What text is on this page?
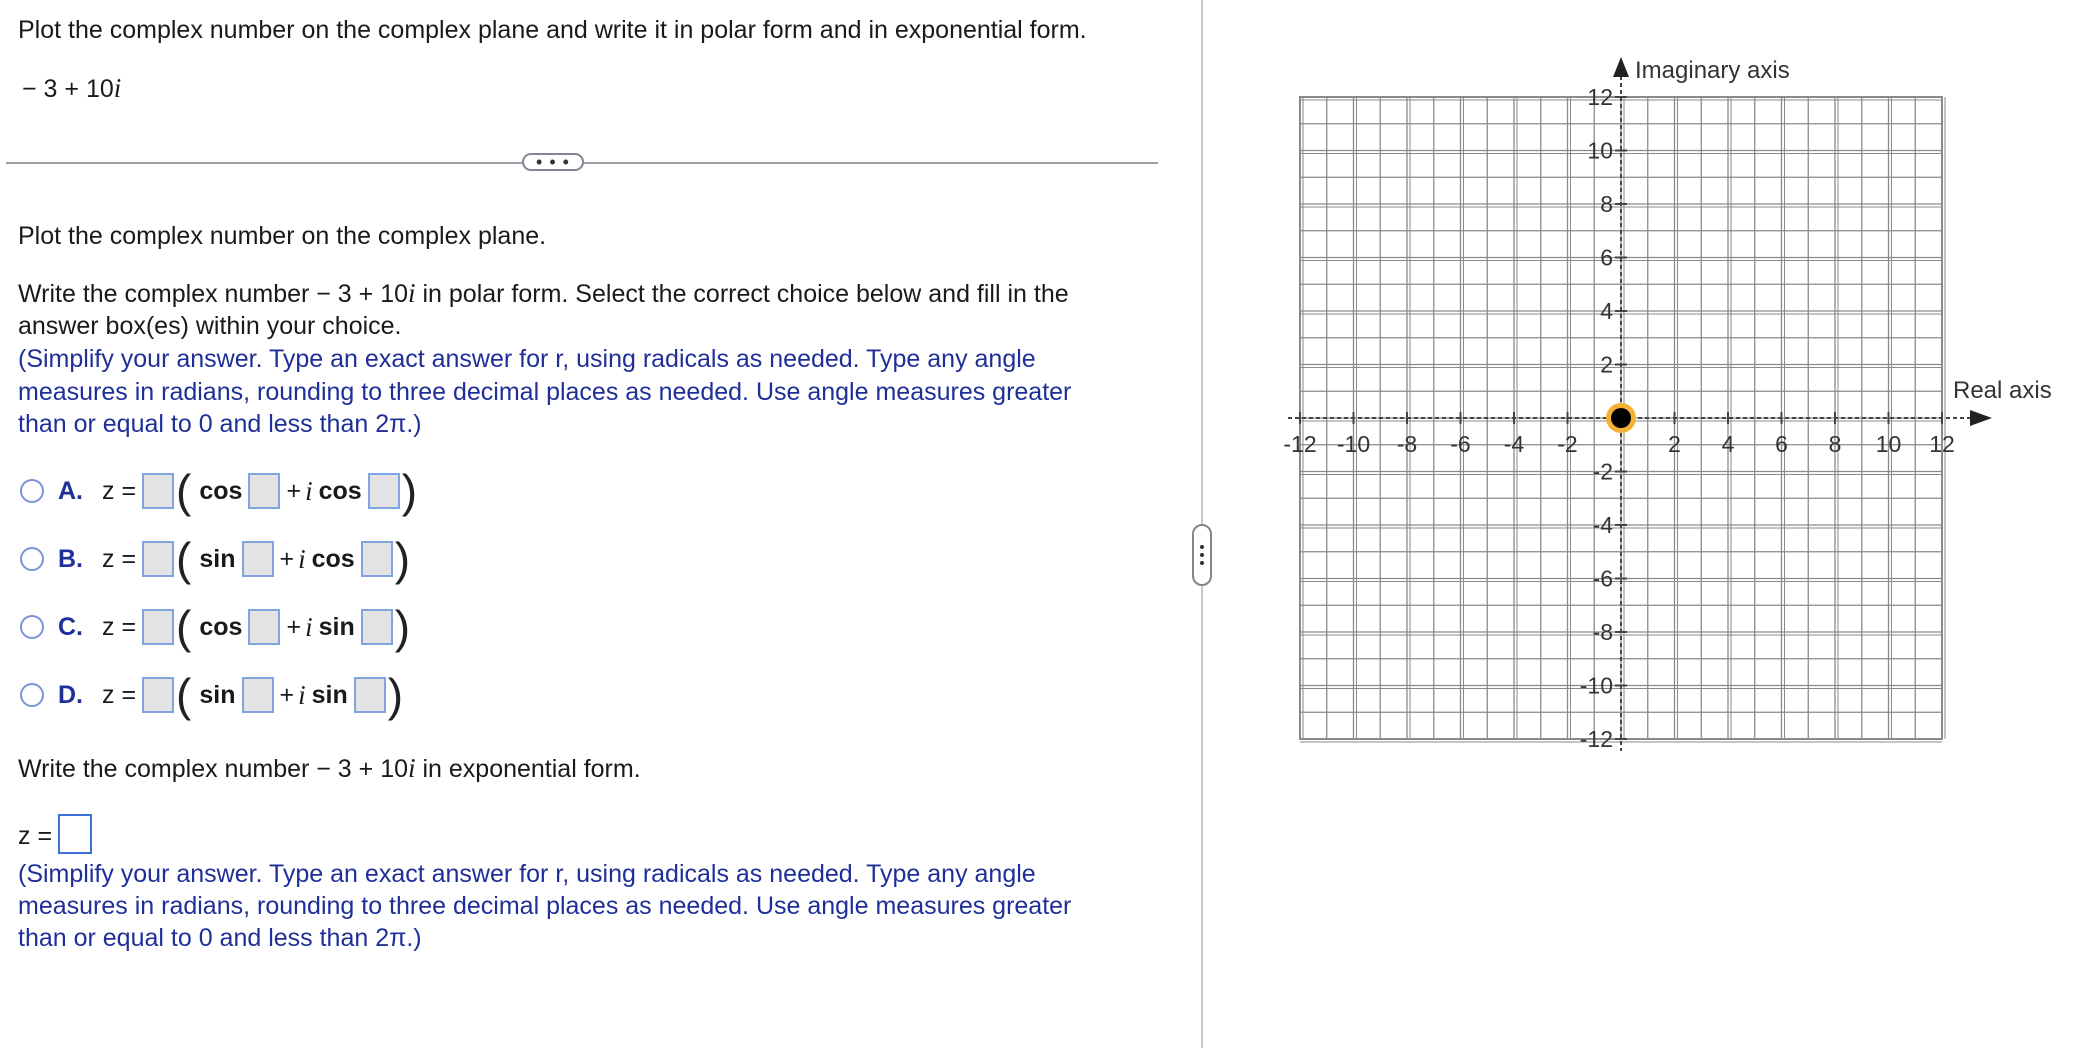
Plot the complex number on the complex plane and write it in polar form and in exponential form.
− 3 + 10i
• • •
Plot the complex number on the complex plane.
Write the complex number − 3 + 10i in polar form. Select the correct choice below and fill in the
answer box(es) within your choice.
(Simplify your answer. Type an exact answer for r, using radicals as needed. Type any angle
measures in radians, rounding to three decimal places as needed. Use angle measures greater
than or equal to 0 and less than 2π.)
A. z = ( cos + i cos )
B. z = ( sin + i cos )
C. z = ( cos + i sin )
D. z = ( sin + i sin )
Write the complex number − 3 + 10i in exponential form.
z =
(Simplify your answer. Type an exact answer for r, using radicals as needed. Type any angle
measures in radians, rounding to three decimal places as needed. Use angle measures greater
than or equal to 0 and less than 2π.)
-12
-12
-10
-10
-8
-8
-6
-6
-4
-4
-2
-2
2
2
4
4
6
6
8
8
10
10
12
12
Imaginary axis
Real axis
